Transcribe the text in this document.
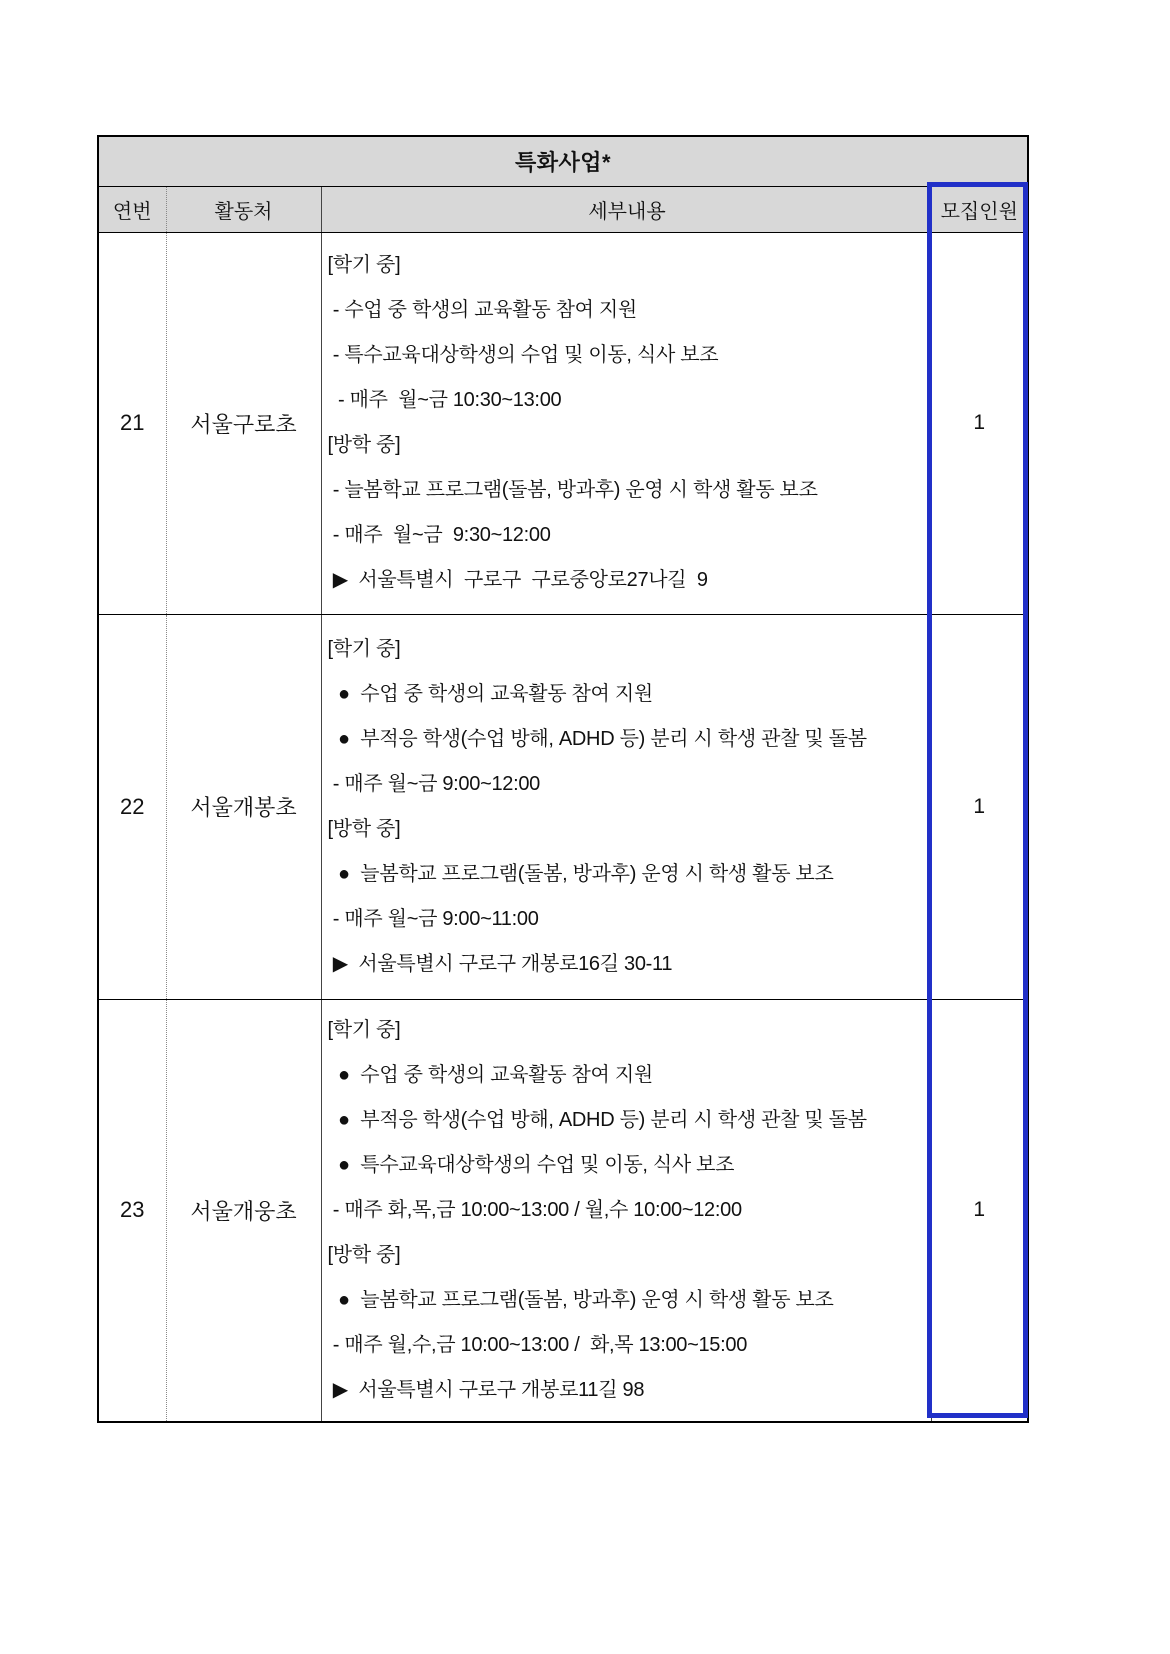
특화사업*			
연번	활동처	세부내용	모집인원
21	서울구로초	
[학기 중]
- 수업 중 학생의 교육활동 참여 지원
- 특수교육대상학생의 수업 및 이동, 식사 보조
- 매주  월~금 10:30~13:00
[방학 중]
- 늘봄학교 프로그램(돌봄, 방과후) 운영 시 학생 활동 보조
- 매주  월~금  9:30~12:00
▶  서울특별시  구로구  구로중앙로27나길  9
	1
22	서울개봉초	
[학기 중]
●  수업 중 학생의 교육활동 참여 지원
●  부적응 학생(수업 방해, ADHD 등) 분리 시 학생 관찰 및 돌봄
- 매주 월~금 9:00~12:00
[방학 중]
●  늘봄학교 프로그램(돌봄, 방과후) 운영 시 학생 활동 보조
- 매주 월~금 9:00~11:00
▶  서울특별시 구로구 개봉로16길 30-11
	1
23	서울개웅초	
[학기 중]
●  수업 중 학생의 교육활동 참여 지원
●  부적응 학생(수업 방해, ADHD 등) 분리 시 학생 관찰 및 돌봄
●  특수교육대상학생의 수업 및 이동, 식사 보조
- 매주 화,목,금 10:00~13:00 / 월,수 10:00~12:00
[방학 중]
●  늘봄학교 프로그램(돌봄, 방과후) 운영 시 학생 활동 보조
- 매주 월,수,금 10:00~13:00 /  화,목 13:00~15:00
▶  서울특별시 구로구 개봉로11길 98
	1
